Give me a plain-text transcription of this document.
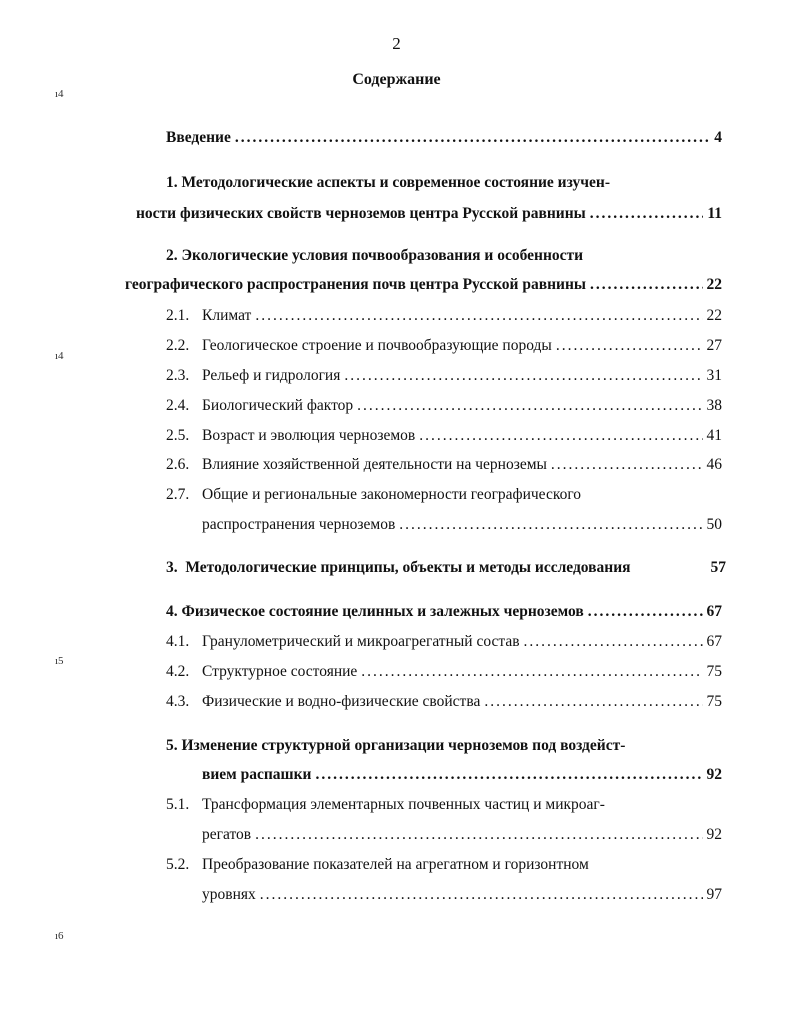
2
Содержание
Введение .....	4
1.
Методологические аспекты и современное состояние изучен-
ности физических свойств черноземов центра Русской равнины .....	11
2.
Экологические условия почвообразования и особенности
географического распространения почв центра Русской равнины .....	22
2.1. Климат .....	22
2.2. Геологическое строение и почвообразующие породы .....	27
2.3. Рельеф и гидрология .....	31
2.4. Биологический фактор .....	38
2.5. Возраст и эволюция черноземов .....	41
2.6. Влияние хозяйственной деятельности на черноземы .....	46
2.7. Общие и региональные закономерности географического
распространения черноземов .....	50
3. Методологические принципы, объекты и методы исследования	57
4.
Физическое состояние целинных и залежных черноземов .....	67
4.1. Гранулометрический и микроагрегатный состав .....	67
4.2. Структурное состояние .....	75
4.3. Физические и водно-физические свойства .....	75
5.
Изменение структурной организации черноземов под воздейст-
вием распашки .....	92
5.1. Трансформация элементарных почвенных частиц и микроаг-
регатов .....	92
5.2. Преобразование показателей на агрегатном и горизонтном
уровнях .....	97
ı4
ı4
ı5
ı6
